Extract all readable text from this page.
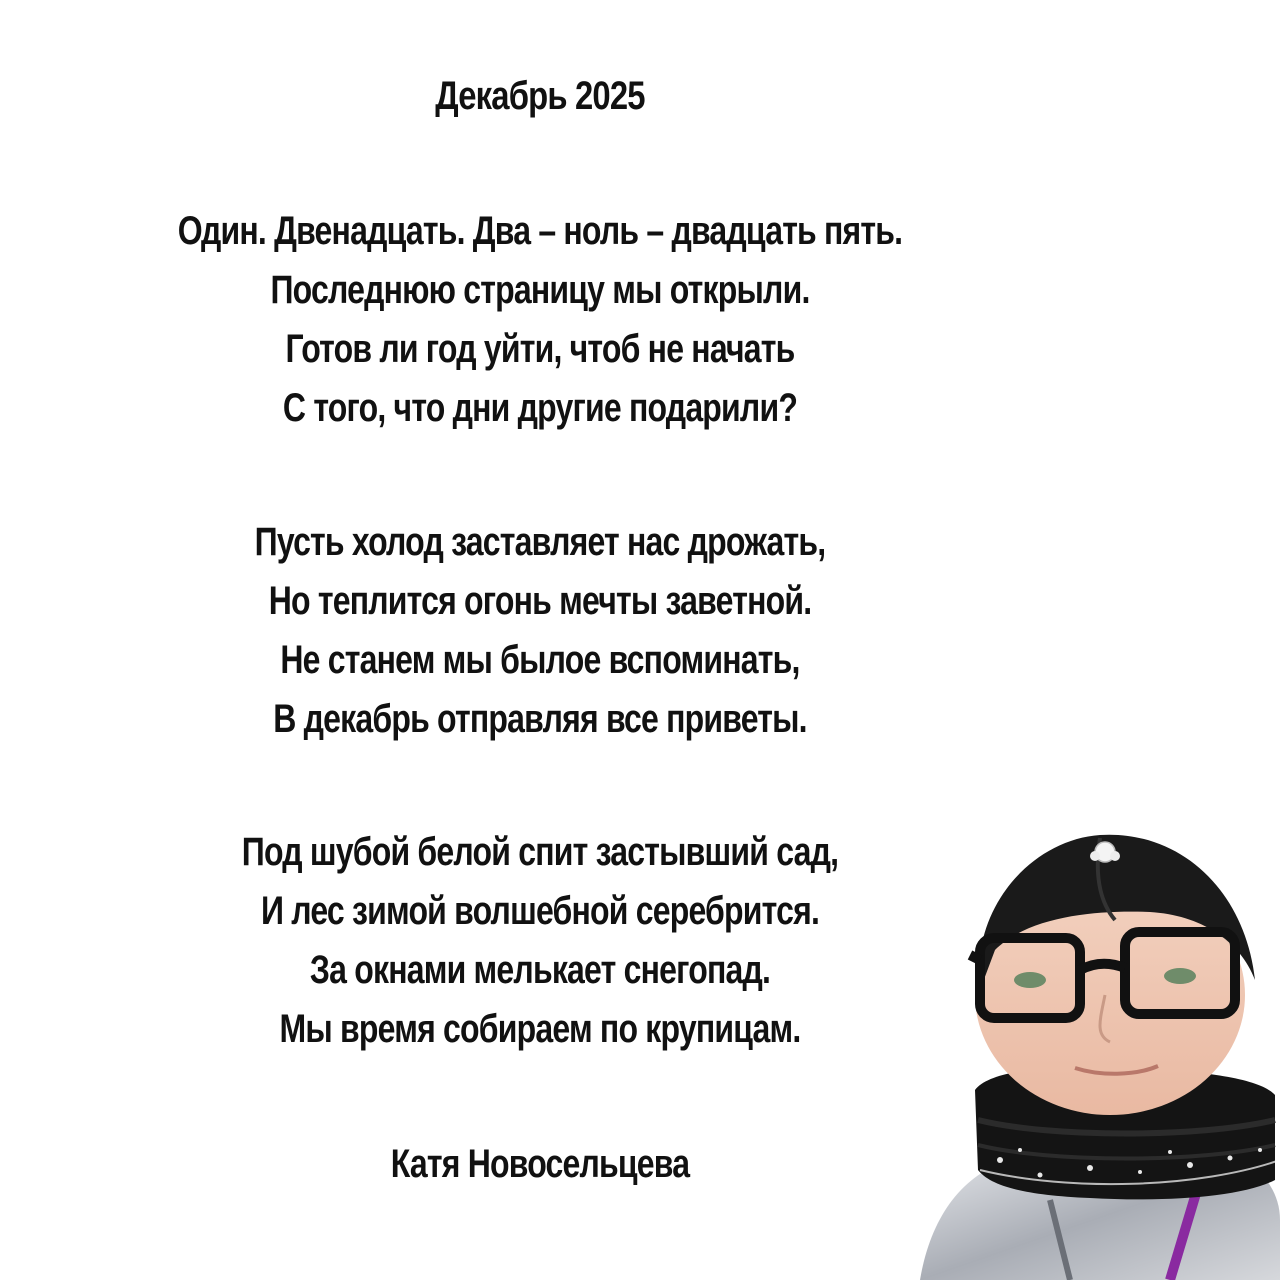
Декабрь 2025
Один. Двенадцать. Два – ноль – двадцать пять.
Последнюю страницу мы открыли.
Готов ли год уйти, чтоб не начать
С того, что дни другие подарили?
Пусть холод заставляет нас дрожать,
Но теплится огонь мечты заветной.
Не станем мы былое вспоминать,
В декабрь отправляя все приветы.
Под шубой белой спит застывший сад,
И лес зимой волшебной серебрится.
За окнами мелькает снегопад.
Мы время собираем по крупицам.
Катя Новосельцева
